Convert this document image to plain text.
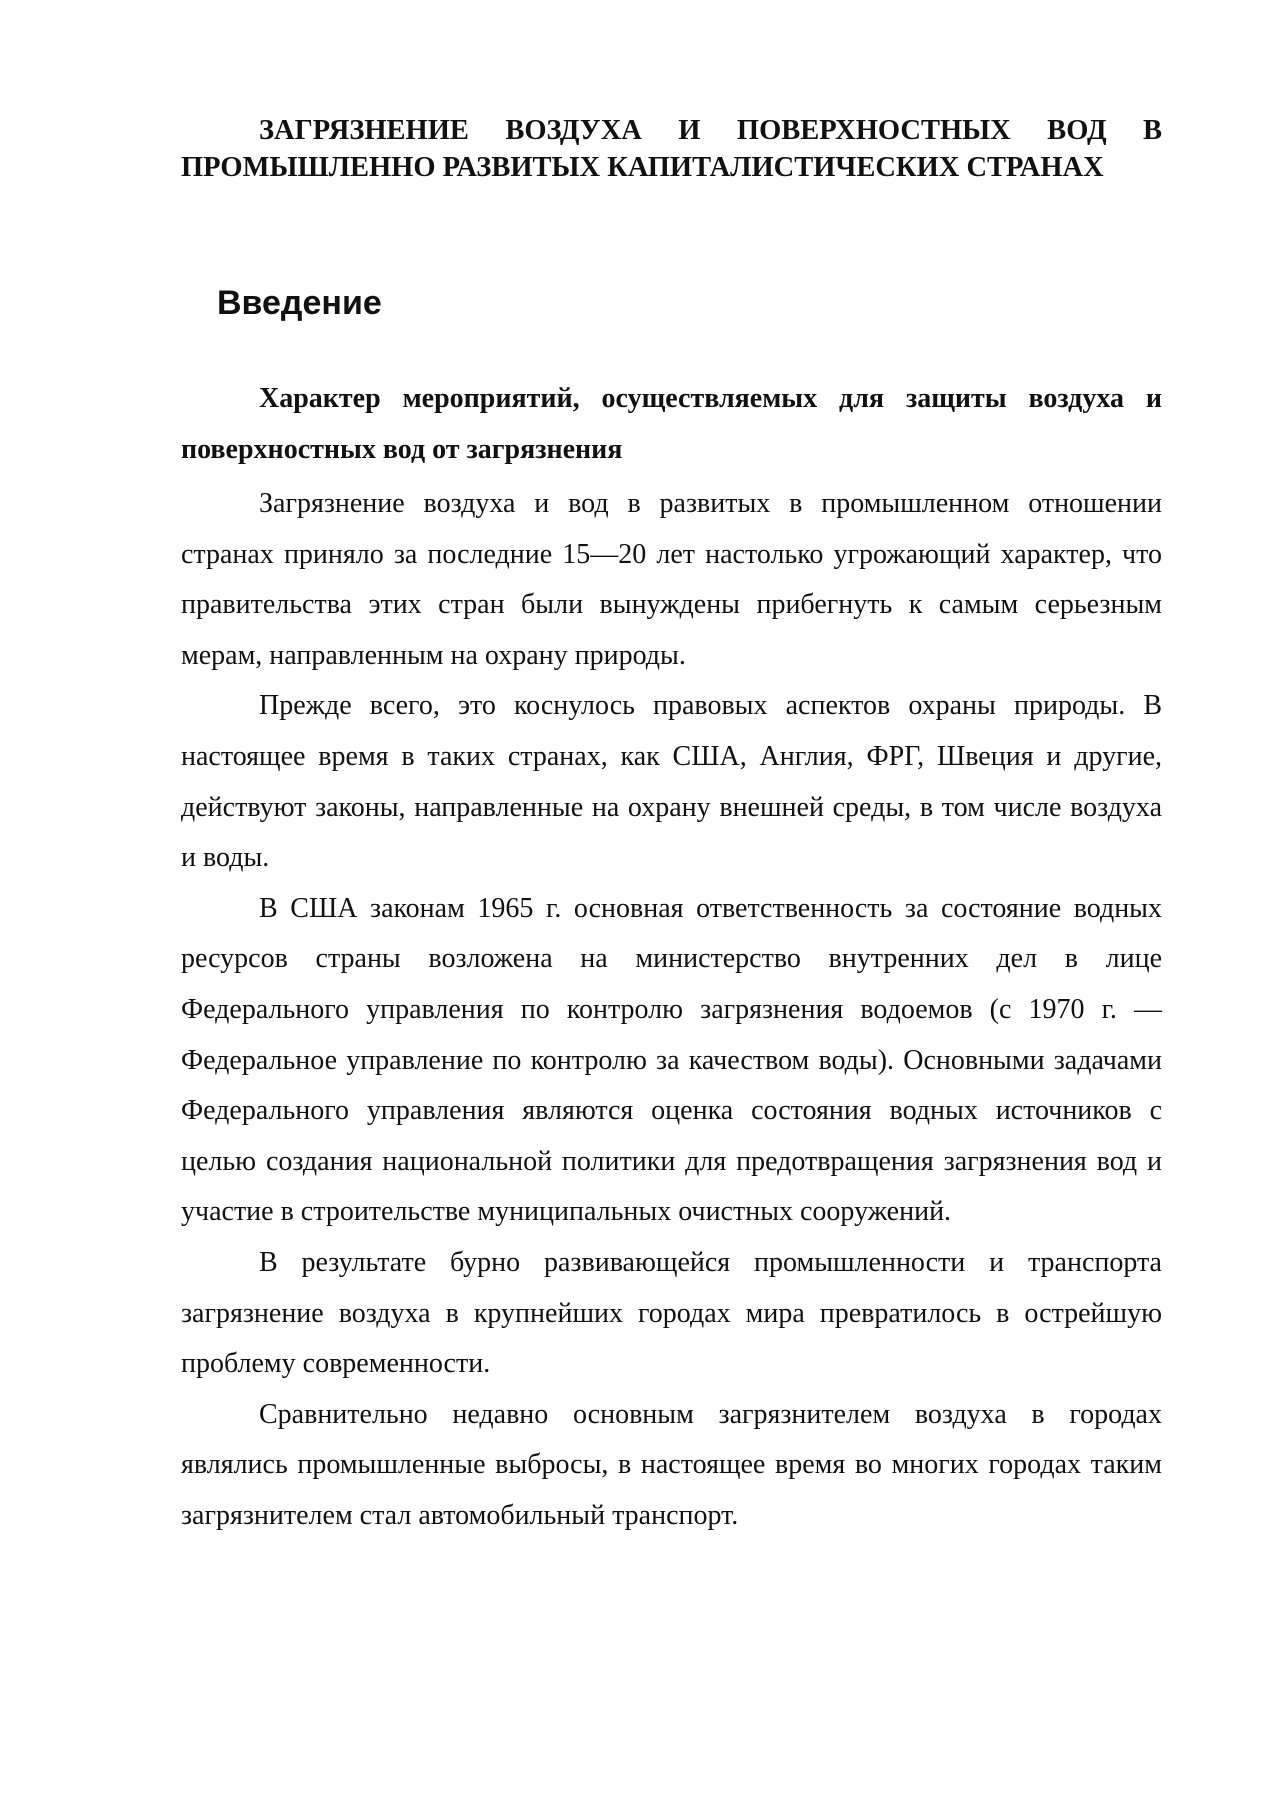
ЗАГРЯЗНЕНИЕ ВОЗДУХА И ПОВЕРХНОСТНЫХ ВОД В ПРОМЫШЛЕННО РАЗВИТЫХ КАПИТАЛИСТИЧЕСКИХ СТРАНАХ
Введение
Характер мероприятий, осуществляемых для защиты воздуха и поверхностных вод от загрязнения

Загрязнение воздуха и вод в развитых в промышленном отношении странах приняло за последние 15—20 лет настолько угрожающий характер, что правительства этих стран были вынуждены прибегнуть к самым серьезным мерам, направленным на охрану природы.

Прежде всего, это коснулось правовых аспектов охраны природы. В настоящее время в таких странах, как США, Англия, ФРГ, Швеция и другие, действуют законы, направленные на охрану внешней среды, в том числе воздуха и воды.

В США законам 1965 г. основная ответственность за состояние водных ресурсов страны возложена на министерство внутренних дел в лице Федерального управления по контролю загрязнения водоемов (с 1970 г. — Федеральное управление по контролю за качеством воды). Основными задачами Федерального управления являются оценка состояния водных источников с целью создания национальной политики для предотвращения загрязнения вод и участие в строительстве муниципальных очистных сооружений.

В результате бурно развивающейся промышленности и транспорта загрязнение воздуха в крупнейших городах мира превратилось в острейшую проблему современности.

Сравнительно недавно основным загрязнителем воздуха в городах являлись промышленные выбросы, в настоящее время во многих городах таким загрязнителем стал автомобильный транспорт.
